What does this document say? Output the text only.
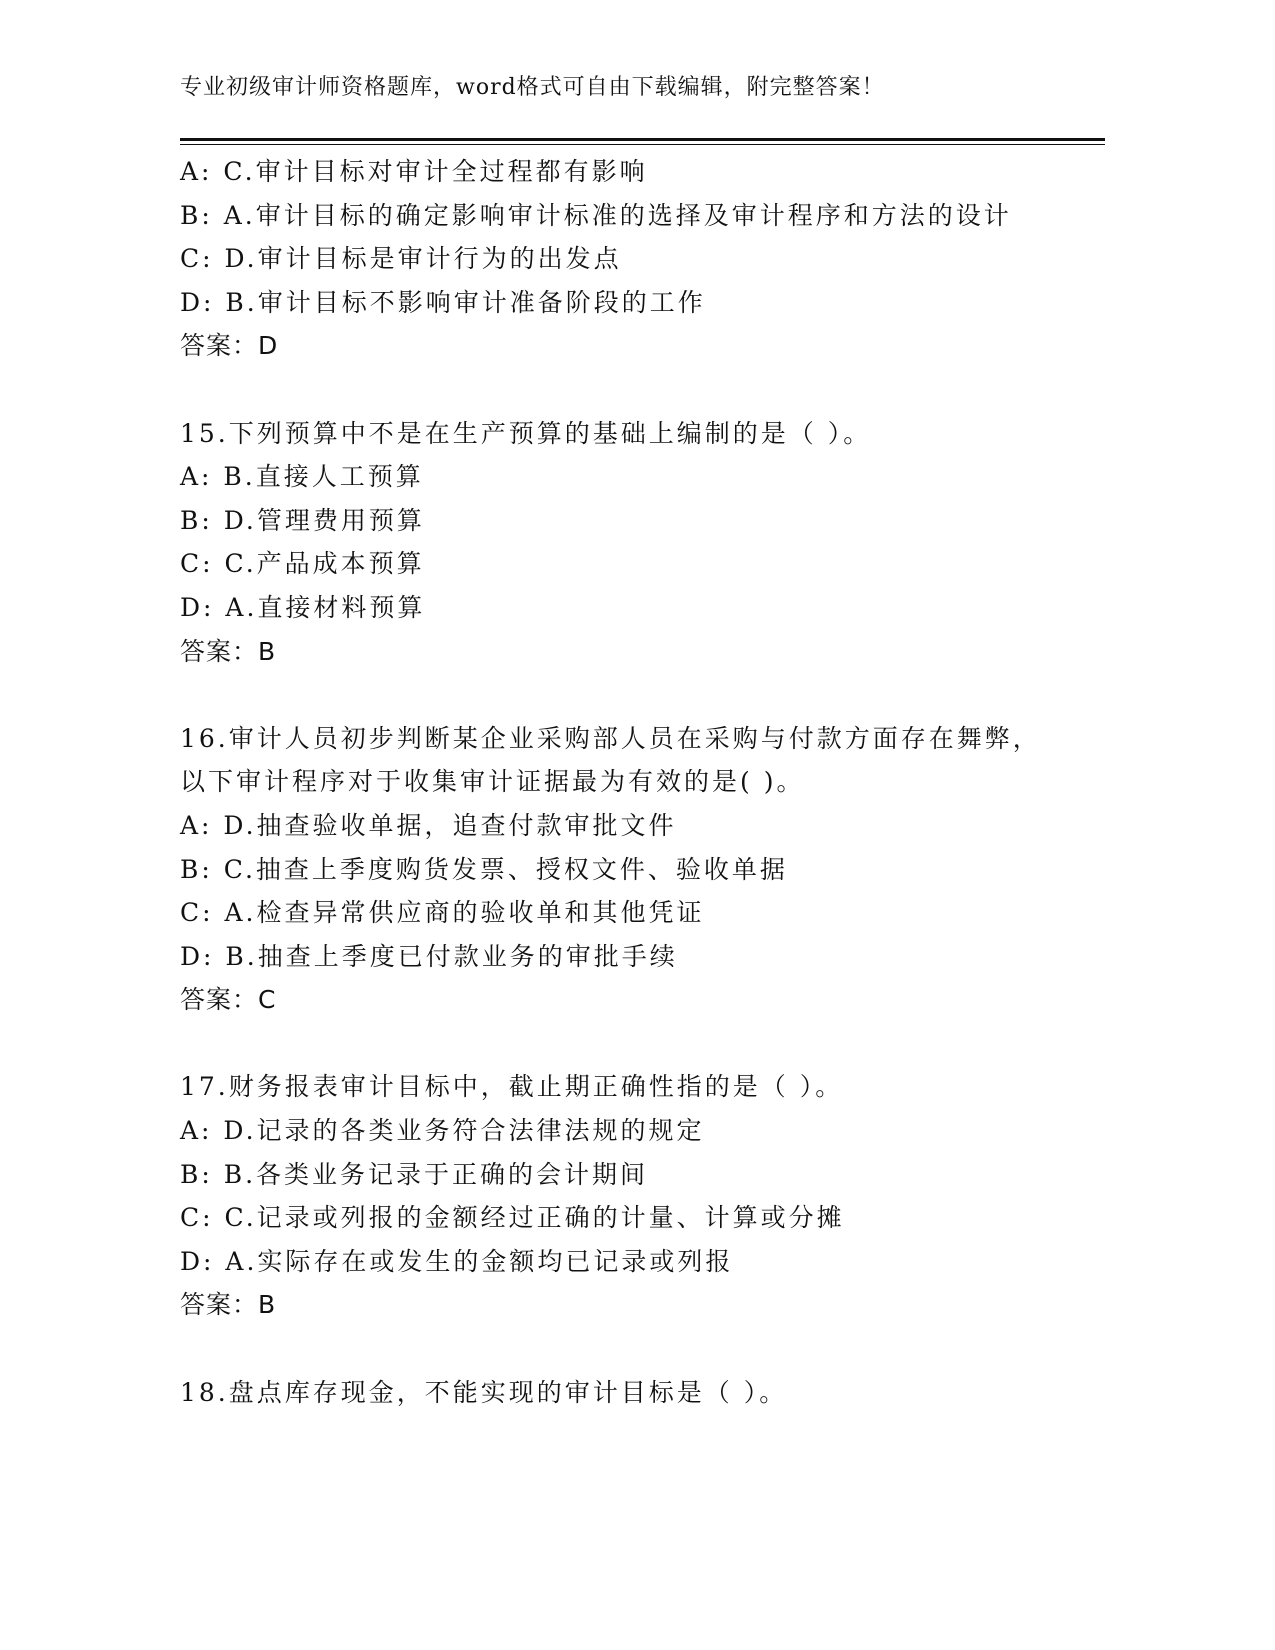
专业初级审计师资格题库，word格式可自由下载编辑，附完整答案！
A: C.审计目标对审计全过程都有影响
B: A.审计目标的确定影响审计标准的选择及审计程序和方法的设计
C: D.审计目标是审计行为的出发点
D: B.审计目标不影响审计准备阶段的工作
答案：D
15.下列预算中不是在生产预算的基础上编制的是（ ）。
A: B.直接人工预算
B: D.管理费用预算
C: C.产品成本预算
D: A.直接材料预算
答案：B
16.审计人员初步判断某企业采购部人员在采购与付款方面存在舞弊，
以下审计程序对于收集审计证据最为有效的是( )。
A: D.抽查验收单据，追查付款审批文件
B: C.抽查上季度购货发票、授权文件、验收单据
C: A.检查异常供应商的验收单和其他凭证
D: B.抽查上季度已付款业务的审批手续
答案：C
17.财务报表审计目标中，截止期正确性指的是（ ）。
A: D.记录的各类业务符合法律法规的规定
B: B.各类业务记录于正确的会计期间
C: C.记录或列报的金额经过正确的计量、计算或分摊
D: A.实际存在或发生的金额均已记录或列报
答案：B
18.盘点库存现金，不能实现的审计目标是（ ）。
